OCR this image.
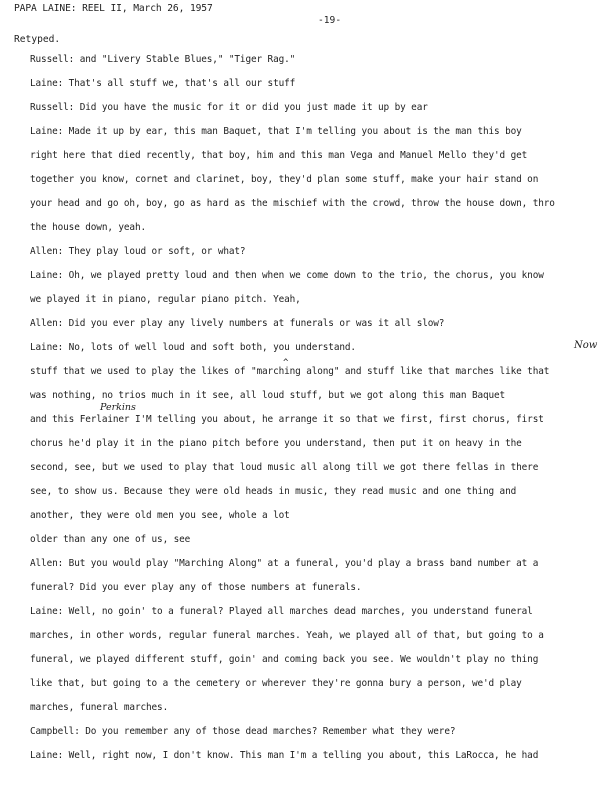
PAPA LAINE: REEL II, March 26, 1957
-19-
Retyped.
Russell: and "Livery Stable Blues," "Tiger Rag."
Laine: That's all stuff we, that's all our stuff
Russell: Did you have the music for it or did you just made it up by ear
Laine: Made it up by ear, this man Baquet, that I'm telling you about is the man this boy
right here that died recently, that boy, him and this man Vega and Manuel Mello they'd get
together you know, cornet and clarinet, boy, they'd plan some stuff, make your hair stand on
your head and go oh, boy, go as hard as the mischief with the crowd, throw the house down, thro
the house down, yeah.
Allen: They play loud or soft, or what?
Laine: Oh, we played pretty loud and then when we come down to the trio, the chorus, you know
we played it in piano, regular piano pitch. Yeah,
Allen: Did you ever play any lively numbers at funerals or was it all slow?
Laine: No, lots of well loud and soft both, you understand.
stuff that we used to play the likes of "marching along" and stuff like that marches like that
was nothing, no trios much in it see, all loud stuff, but we got along this man Baquet
and this Ferlainer I'M telling you about, he arrange it so that we first, first chorus, first
chorus he'd play it in the piano pitch before you understand, then put it on heavy in the
second, see, but we used to play that loud music all along till we got there fellas in there
see, to show us. Because they were old heads in music, they read music and one thing and
another, they were old men you see, whole a lot
older than any one of us, see
Allen: But you would play "Marching Along" at a funeral, you'd play a brass band number at a
funeral? Did you ever play any of those numbers at funerals.
Laine: Well, no goin' to a funeral? Played all marches dead marches, you understand funeral
marches, in other words, regular funeral marches. Yeah, we played all of that, but going to a
funeral, we played different stuff, goin' and coming back you see. We wouldn't play no thing
like that, but going to a the cemetery or wherever they're gonna bury a person, we'd play
marches, funeral marches.
Campbell: Do you remember any of those dead marches? Remember what they were?
Laine: Well, right now, I don't know. This man I'm a telling you about, this LaRocca, he had
Now
Perkins
^
